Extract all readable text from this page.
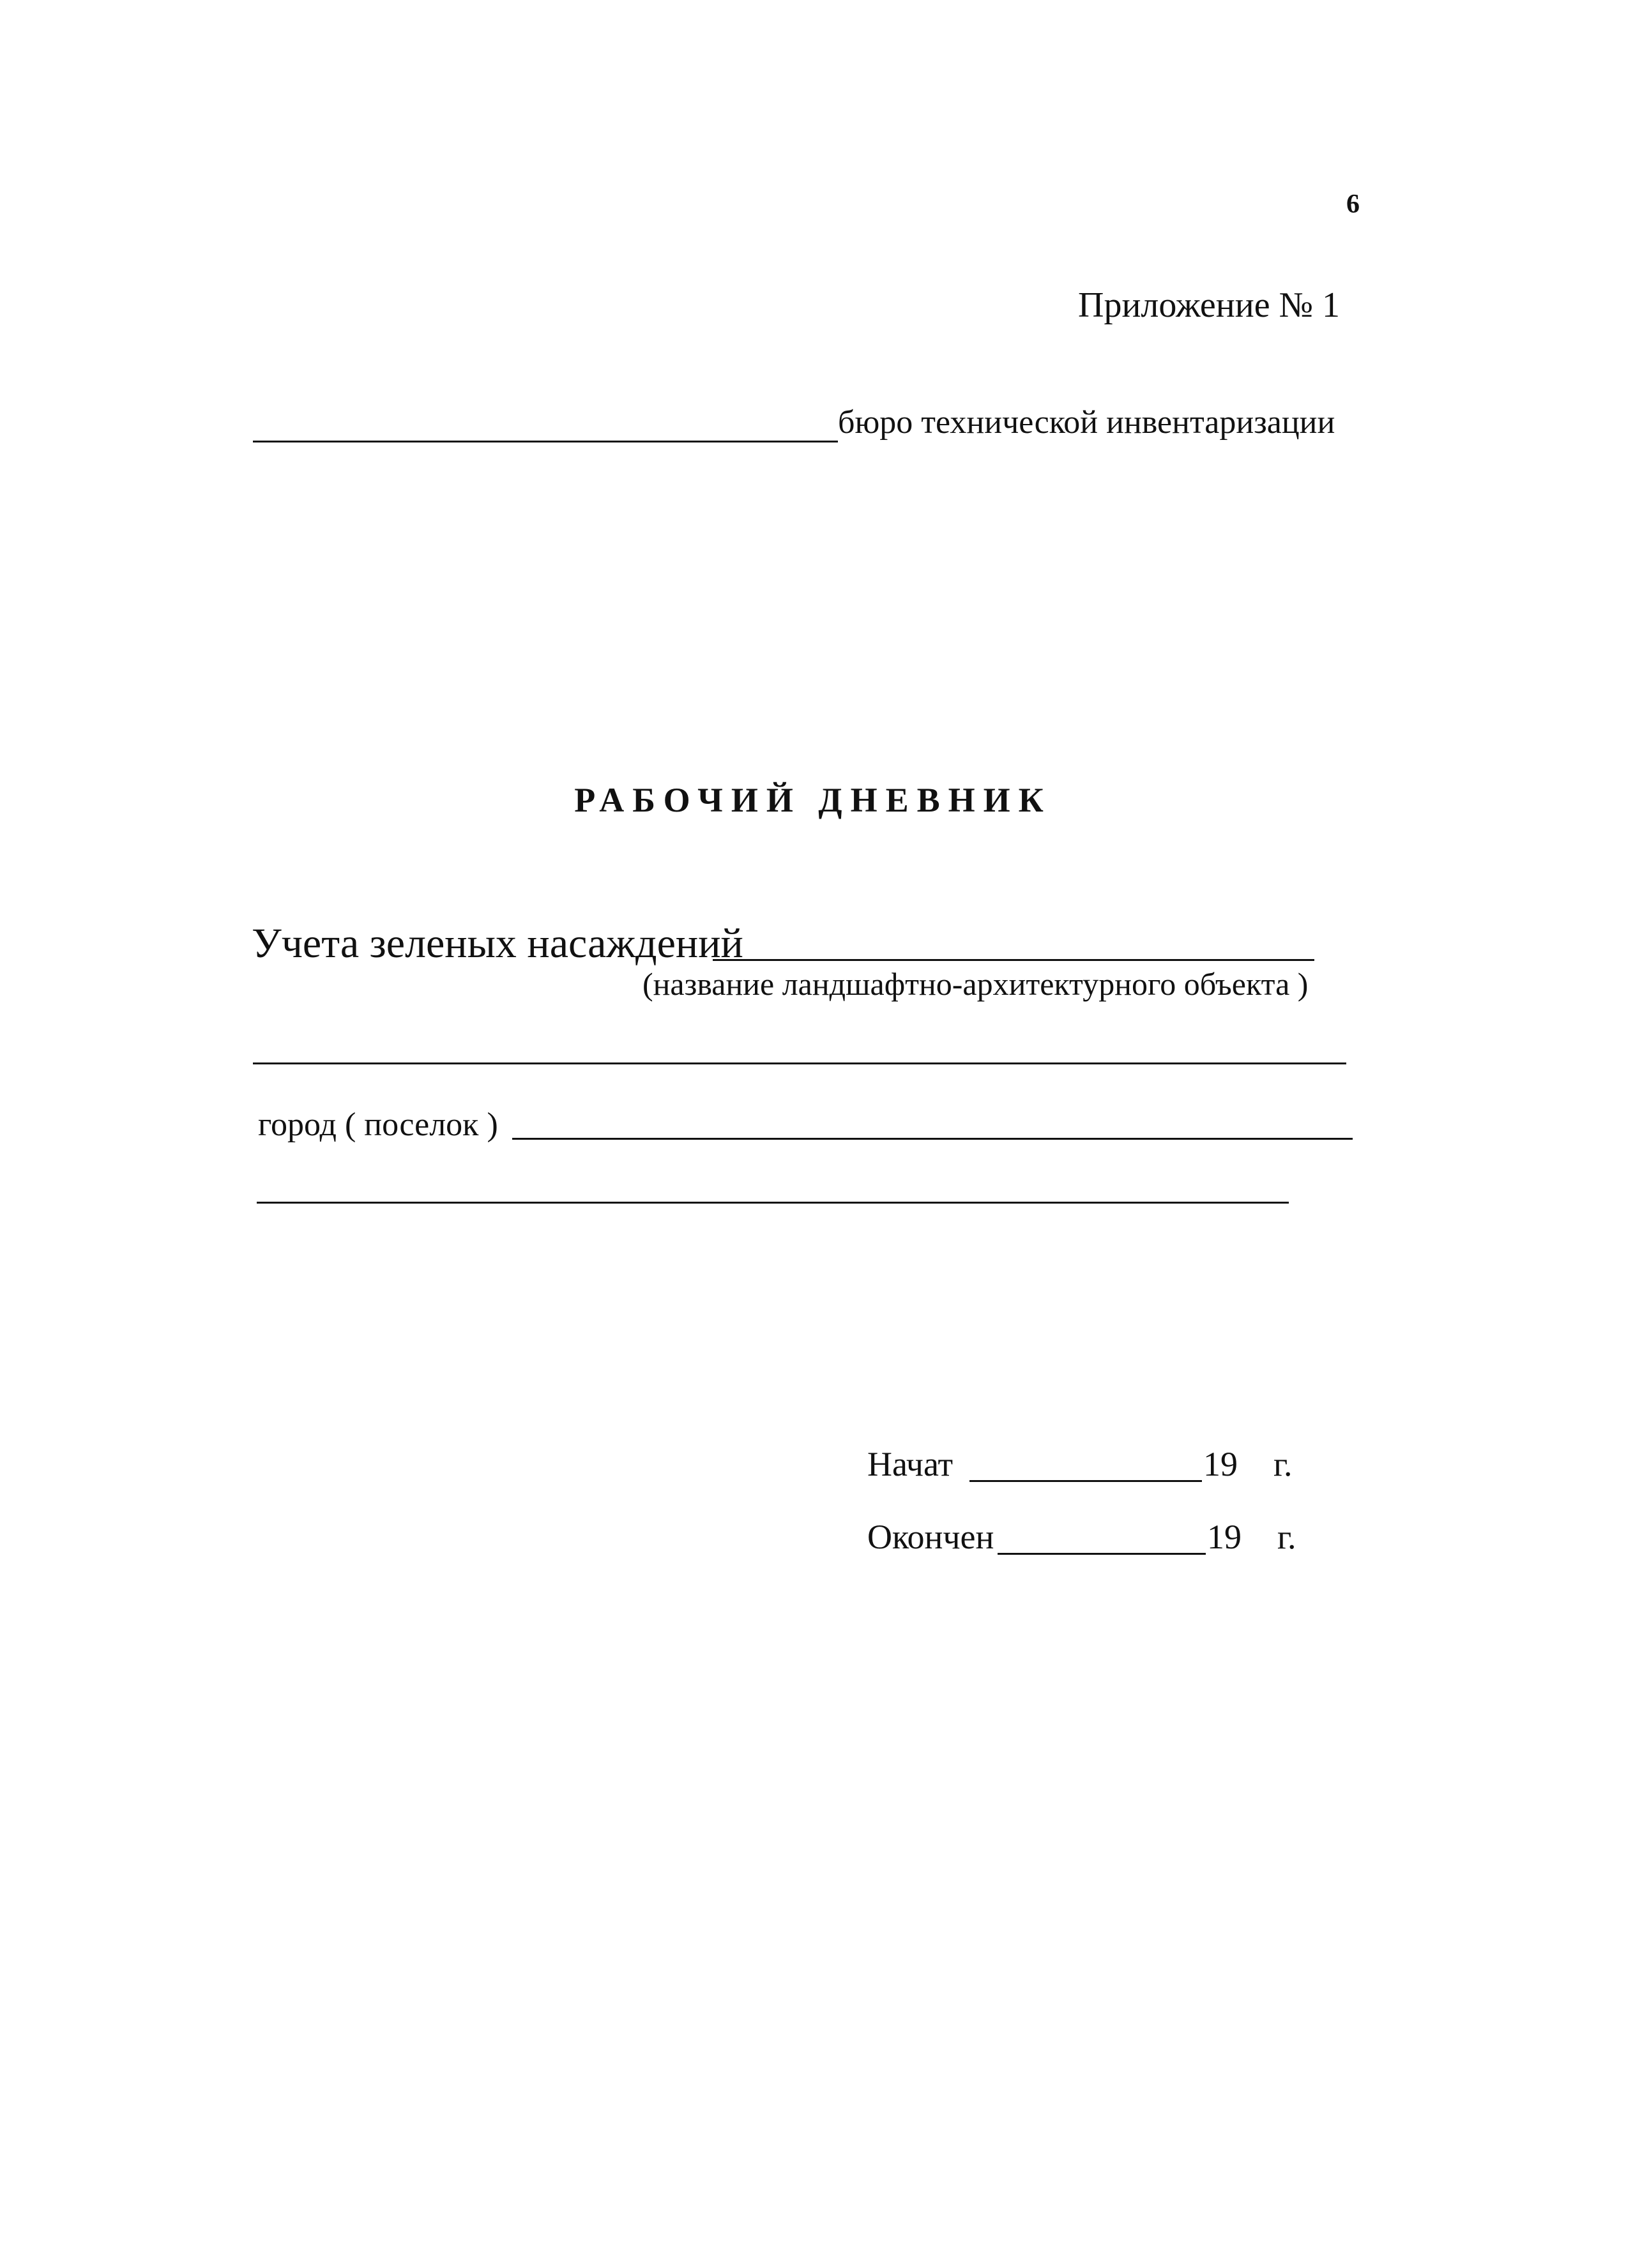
6
Приложение № 1
бюро технической инвентаризации
РАБОЧИЙ ДНЕВНИК
Учета зеленых насаждений
(название ландшафтно-архитектурного объекта )
город ( поселок )
Начат	19 г.
Окончен	19 г.
